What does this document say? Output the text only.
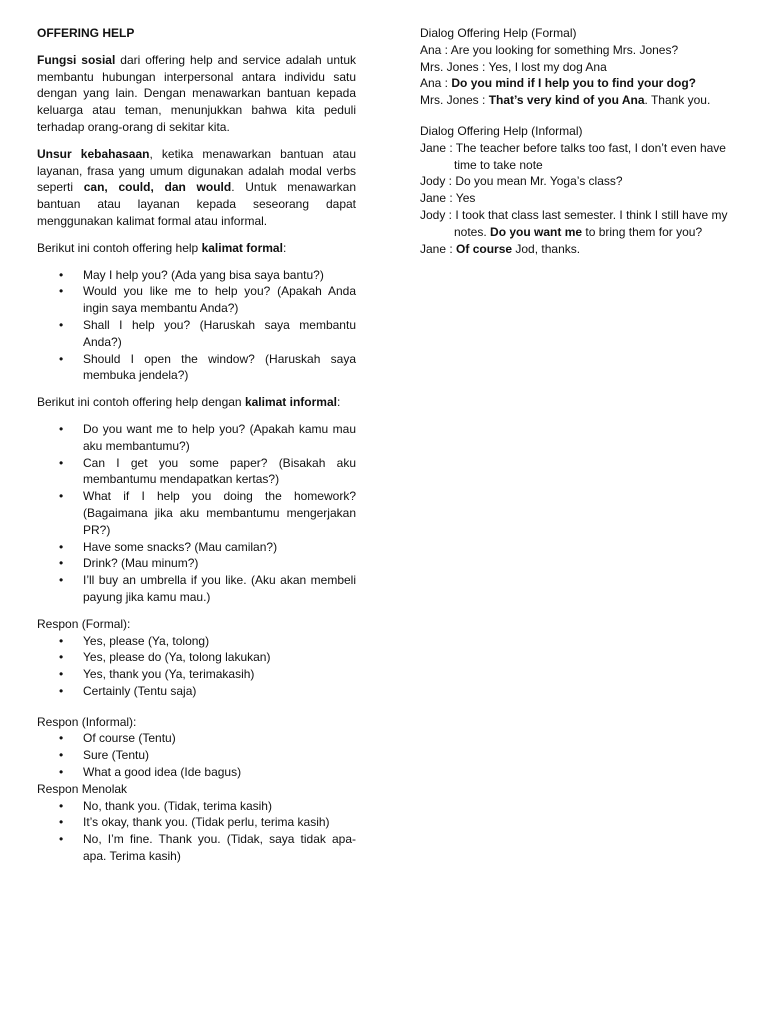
OFFERING HELP

Fungsi sosial dari offering help and service adalah untuk membantu hubungan interpersonal antara individu satu dengan yang lain. Dengan menawarkan bantuan kepada keluarga atau teman, menunjukkan bahwa kita peduli terhadap orang-orang di sekitar kita.

Unsur kebahasaan, ketika menawarkan bantuan atau layanan, frasa yang umum digunakan adalah modal verbs seperti can, could, dan would. Untuk menawarkan bantuan atau layanan kepada seseorang dapat menggunakan kalimat formal atau informal.

Berikut ini contoh offering help kalimat formal:

• May I help you? (Ada yang bisa saya bantu?)
• Would you like me to help you? (Apakah Anda ingin saya membantu Anda?)
• Shall I help you? (Haruskah saya membantu Anda?)
• Should I open the window? (Haruskah saya membuka jendela?)

Berikut ini contoh offering help dengan kalimat informal:

• Do you want me to help you? (Apakah kamu mau aku membantumu?)
• Can I get you some paper? (Bisakah aku membantumu mendapatkan kertas?)
• What if I help you doing the homework? (Bagaimana jika aku membantumu mengerjakan PR?)
• Have some snacks? (Mau camilan?)
• Drink? (Mau minum?)
• I’ll buy an umbrella if you like. (Aku akan membeli payung jika kamu mau.)

Respon (Formal):

• Yes, please (Ya, tolong)
• Yes, please do (Ya, tolong lakukan)
• Yes, thank you (Ya, terimakasih)
• Certainly (Tentu saja)

Respon (Informal):

• Of course (Tentu)
• Sure (Tentu)
• What a good idea (Ide bagus)

Respon Menolak

• No, thank you. (Tidak, terima kasih)
• It’s okay, thank you. (Tidak perlu, terima kasih)
• No, I’m fine. Thank you. (Tidak, saya tidak apa-apa. Terima kasih)

Dialog Offering Help (Formal)

Ana : Are you looking for something Mrs. Jones?
Mrs. Jones : Yes, I lost my dog Ana
Ana : Do you mind if I help you to find your dog?
Mrs. Jones : That’s very kind of you Ana. Thank you.

Dialog Offering Help (Informal)

Jane : The teacher before talks too fast, I don’t even have time to take note
Jody : Do you mean Mr. Yoga’s class?
Jane : Yes
Jody : I took that class last semester. I think I still have my notes. Do you want me to bring them for you?
Jane : Of course Jod, thanks.
